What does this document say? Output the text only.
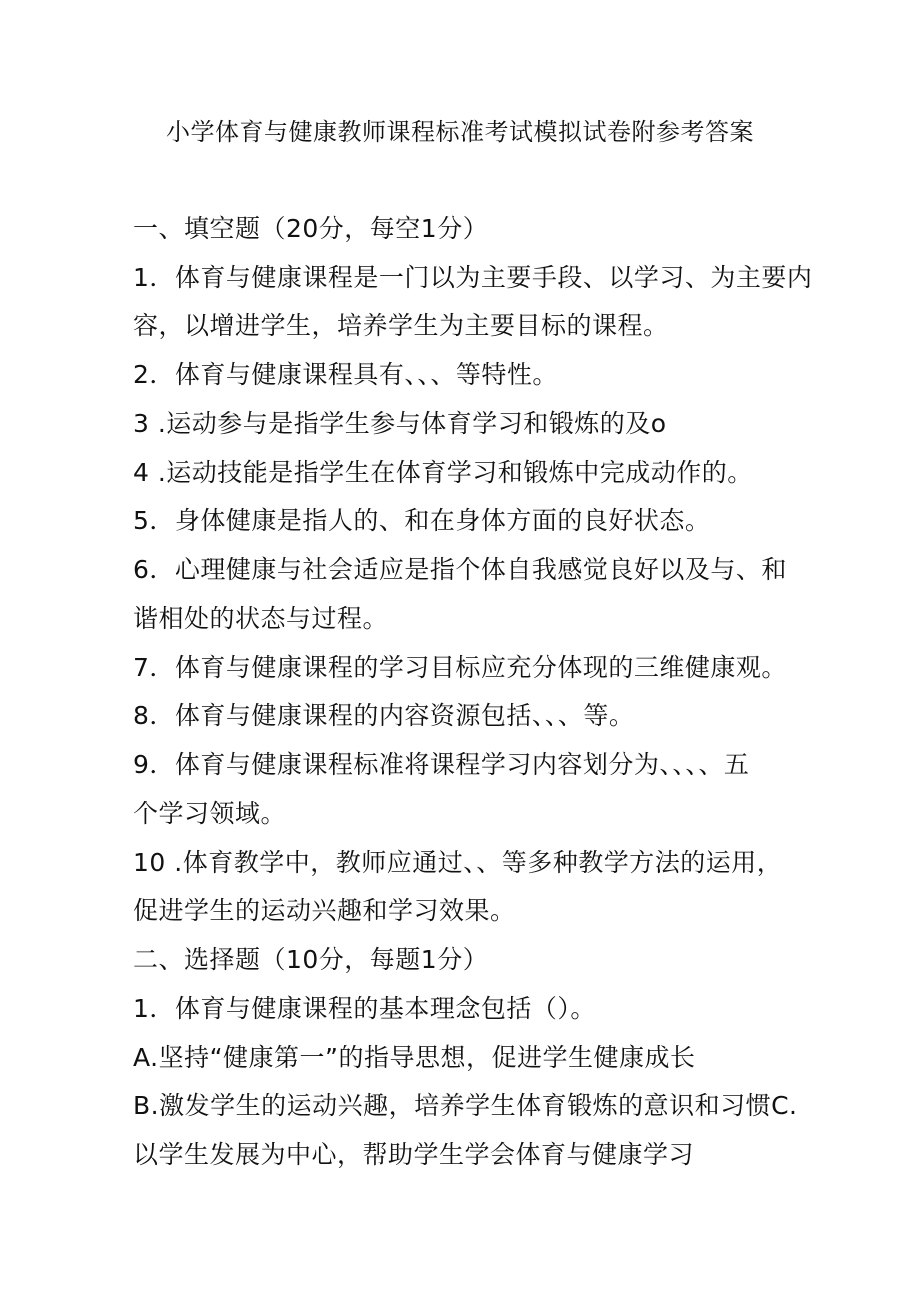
小学体育与健康教师课程标准考试模拟试卷附参考答案
一、填空题（20分，每空1分）
1．体育与健康课程是一门以为主要手段、以学习、为主要内
容，以增进学生，培养学生为主要目标的课程。
2．体育与健康课程具有、、、等特性。
3 .运动参与是指学生参与体育学习和锻炼的及o
4 .运动技能是指学生在体育学习和锻炼中完成动作的。
5．身体健康是指人的、和在身体方面的良好状态。
6．心理健康与社会适应是指个体自我感觉良好以及与、和
谐相处的状态与过程。
7．体育与健康课程的学习目标应充分体现的三维健康观。
8．体育与健康课程的内容资源包括、、、等。
9．体育与健康课程标准将课程学习内容划分为、、、、五
个学习领域。
10 .体育教学中，教师应通过、、等多种教学方法的运用，
促进学生的运动兴趣和学习效果。
二、选择题（10分，每题1分）
1．体育与健康课程的基本理念包括（）。
A.坚持“健康第一”的指导思想，促进学生健康成长
B.激发学生的运动兴趣，培养学生体育锻炼的意识和习惯C.
以学生发展为中心，帮助学生学会体育与健康学习
